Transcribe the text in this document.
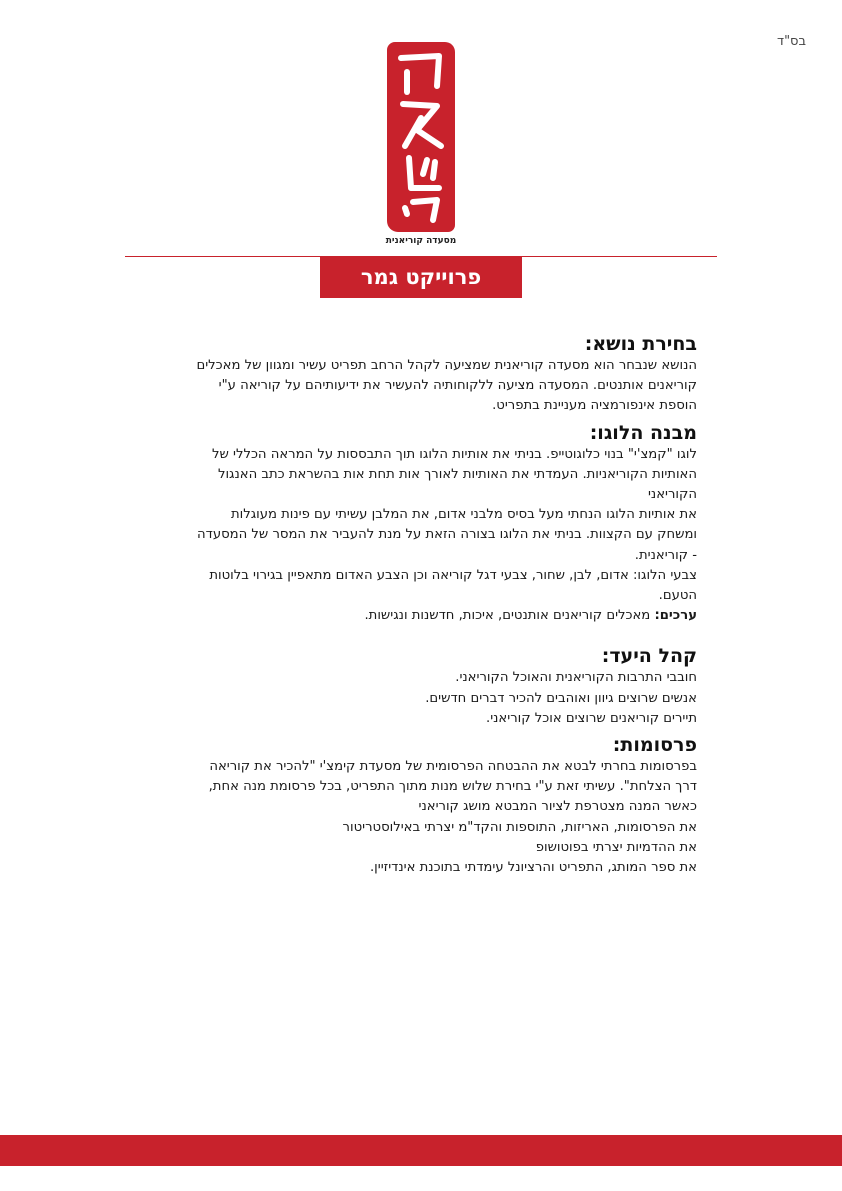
בס"ד
מסעדה קוריאנית
פרוייקט גמר
בחירת נושא:

הנושא שנבחר הוא מסעדה קוריאנית שמציעה לקהל הרחב תפריט עשיר ומגוון של מאכלים

קוריאנים אותנטים. המסעדה מציעה ללקוחותיה להעשיר את ידיעותיהם על קוריאה ע"י

הוספת אינפורמציה מעניינת בתפריט.

מבנה הלוגו:

לוגו "קמצ'י" בנוי כלוגוטייפ. בניתי את אותיות הלוגו תוך התבססות על המראה הכללי של

האותיות הקוריאניות. העמדתי את האותיות לאורך אות תחת אות בהשראת כתב האנגול

הקוריאני

את אותיות הלוגו הנחתי מעל בסיס מלבני אדום, את המלבן עשיתי עם פינות מעוגלות

ומשחק עם הקצוות. בניתי את הלוגו בצורה הזאת על מנת להעביר את המסר של המסעדה

- קוריאנית.

צבעי הלוגו: אדום, לבן, שחור, צבעי דגל קוריאה וכן הצבע האדום מתאפיין בגירוי בלוטות

הטעם.

ערכים: מאכלים קוריאנים אותנטים, איכות, חדשנות ונגישות.

קהל היעד:

חובבי התרבות הקוריאנית והאוכל הקוריאני.

אנשים שרוצים גיוון ואוהבים להכיר דברים חדשים.

תיירים קוריאנים שרוצים אוכל קוריאני.

פרסומות:

בפרסומות בחרתי לבטא את ההבטחה הפרסומית של מסעדת קימצ'י "להכיר את קוריאה

דרך הצלחת". עשיתי זאת ע"י בחירת שלוש מנות מתוך התפריט, בכל פרסומת מנה אחת,

כאשר המנה מצטרפת לציור המבטא מושג קוריאני

את הפרסומות, האריזות, התוספות והקד"מ יצרתי באילוסטריטור

את ההדמיות יצרתי בפוטושופ

את ספר המותג, התפריט והרציונל עימדתי בתוכנת אינדיזיין.
